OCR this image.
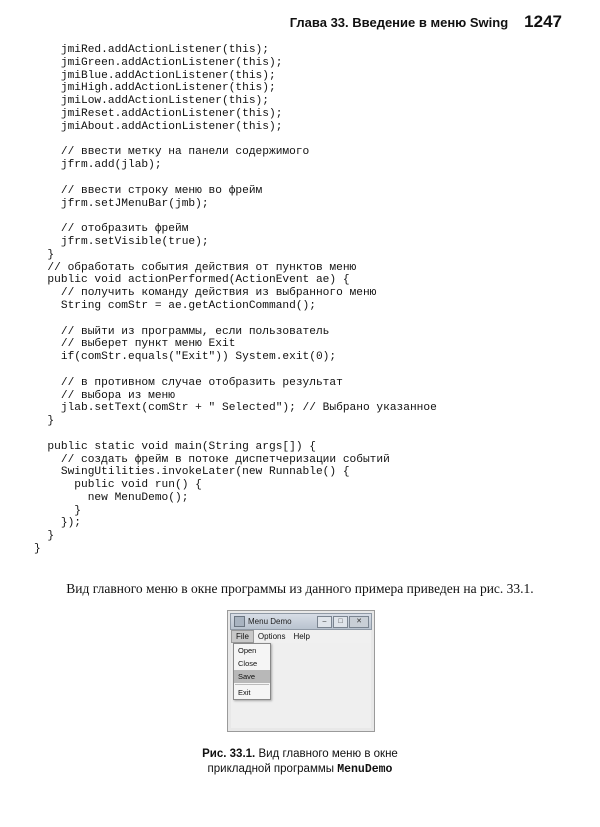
Глава 33. Введение в меню Swing 1247
jmiRed.addActionListener(this);
jmiGreen.addActionListener(this);
jmiBlue.addActionListener(this);
jmiHigh.addActionListener(this);
jmiLow.addActionListener(this);
jmiReset.addActionListener(this);
jmiAbout.addActionListener(this);
// ввести метку на панели содержимого
jfrm.add(jlab);
// ввести строку меню во фрейм
jfrm.setJMenuBar(jmb);
// отобразить фрейм
jfrm.setVisible(true);
}
// обработать события действия от пунктов меню
public void actionPerformed(ActionEvent ae) {
// получить команду действия из выбранного меню
String comStr = ae.getActionCommand();
// выйти из программы, если пользователь
// выберет пункт меню Exit
if(comStr.equals("Exit")) System.exit(0);
// в противном случае отобразить результат
// выбора из меню
jlab.setText(comStr + " Selected"); // Выбрано указанное
}
public static void main(String args[]) {
// создать фрейм в потоке диспетчеризации событий
SwingUtilities.invokeLater(new Runnable() {
public void run() {
new MenuDemo();
}
});
}
}
Вид главного меню в окне программы из данного примера приведен на рис. 33.1.
Menu Demo	–	□	✕
File	Options	Help
Open
Close
Save
Exit
Рис. 33.1. Вид главного меню в окне
прикладной программы MenuDemo
